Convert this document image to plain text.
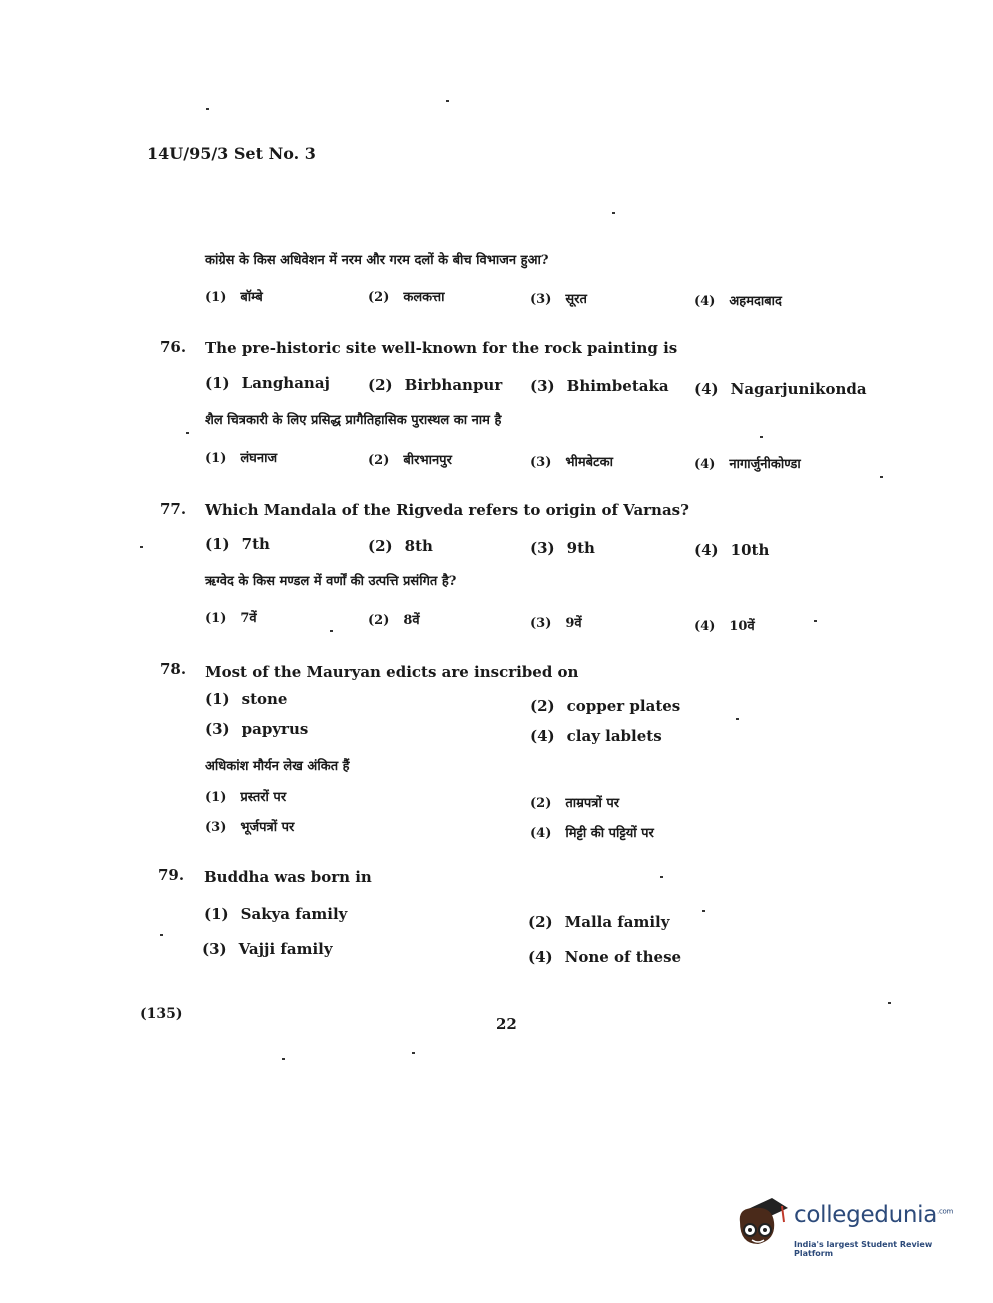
14U/95/3 Set No. 3
कांग्रेस के किस अधिवेशन में नरम और गरम दलों के बीच विभाजन हुआ?
(1) बॉम्बे	(2) कलकत्ता	(3) सूरत	(4) अहमदाबाद
76. The pre-historic site well-known for the rock painting is
(1) Langhanaj	(2) Birbhanpur (3) Bhimbetaka (4) Nagarjunikonda
शैल चित्रकारी के लिए प्रसिद्ध प्रागैतिहासिक पुरास्थल का नाम है
(1) लंघनाज	(2) बीरभानपुर	(3) भीमबेटका	(4) नागार्जुनीकोण्डा
77. Which Mandala of the Rigveda refers to origin of Varnas?
(1) 7th	(2) 8th	(3) 9th	(4) 10th
ऋग्वेद के किस मण्डल में वर्णों की उत्पत्ति प्रसंगित है?
(1) 7वें	(2) 8वें	(3) 9वें	(4) 10वें
78. Most of the Mauryan edicts are inscribed on
(1) stone	(2) copper plates
(3) papyrus	(4) clay lablets
अधिकांश मौर्यन लेख अंकित हैं
(1) प्रस्तरों पर	(2) ताम्रपत्रों पर
(3) भूर्जपत्रों पर	(4) मिट्टी की पट्टियों पर
79. Buddha was born in
(1) Sakya family	(2) Malla family
(3) Vajji family	(4) None of these
(135)
22
collegedunia$^{.com}$
India's largest Student Review Platform
